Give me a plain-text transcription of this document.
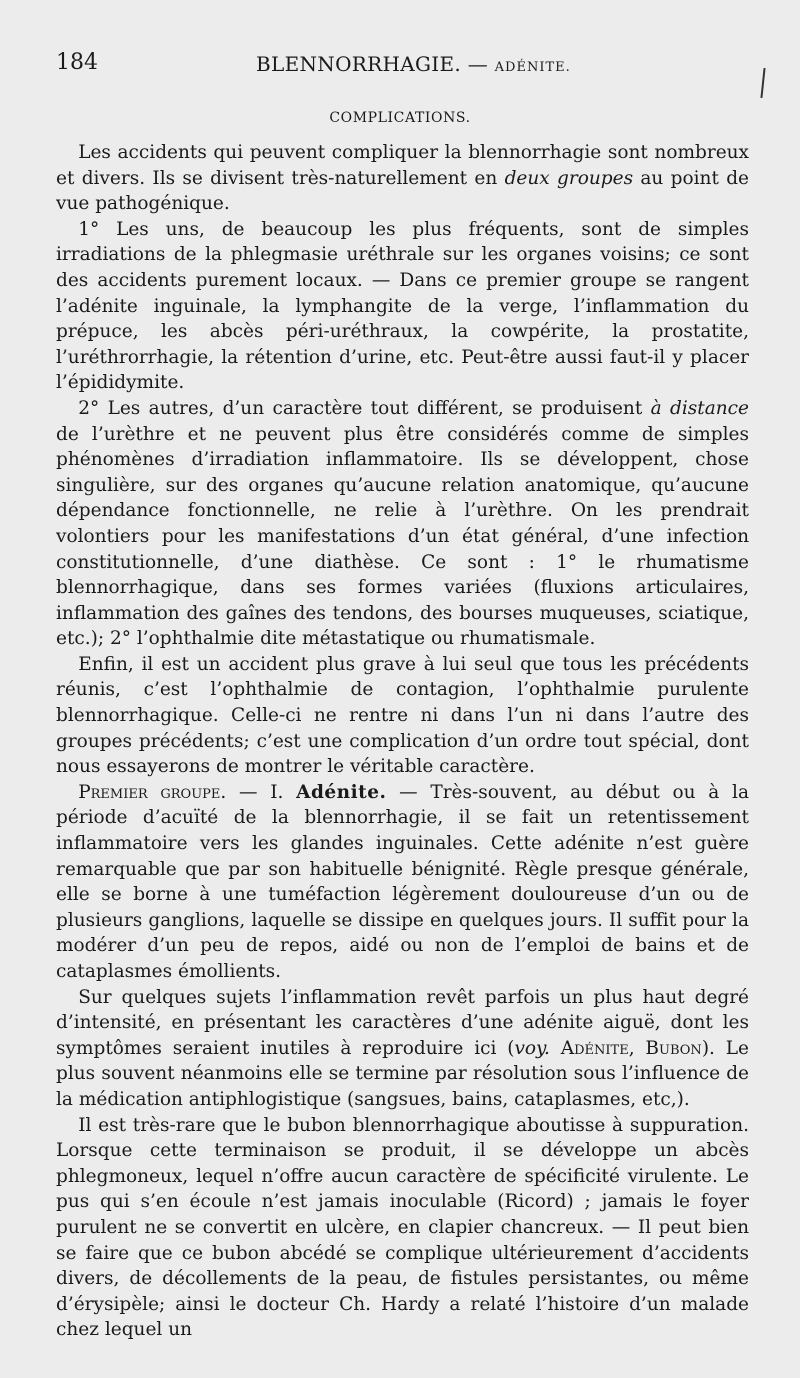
184	BLENNORRHAGIE. — ADÉNITE.
COMPLICATIONS.

Les accidents qui peuvent compliquer la blennorrhagie sont nombreux et divers. Ils se divisent très-naturellement en deux groupes au point de vue pathogénique.

1° Les uns, de beaucoup les plus fréquents, sont de simples irradiations de la phlegmasie uréthrale sur les organes voisins; ce sont des accidents purement locaux. — Dans ce premier groupe se rangent l’adénite inguinale, la lymphangite de la verge, l’inflammation du prépuce, les abcès péri-uréthraux, la cowpérite, la prostatite, l’uréthrorrhagie, la rétention d’urine, etc. Peut-être aussi faut-il y placer l’épididymite.

2° Les autres, d’un caractère tout différent, se produisent à distance de l’urèthre et ne peuvent plus être considérés comme de simples phénomènes d’irradiation inflammatoire. Ils se développent, chose singulière, sur des organes qu’aucune relation anatomique, qu’aucune dépendance fonctionnelle, ne relie à l’urèthre. On les prendrait volontiers pour les manifestations d’un état général, d’une infection constitutionnelle, d’une diathèse. Ce sont : 1° le rhumatisme blennorrhagique, dans ses formes variées (fluxions articulaires, inflammation des gaînes des tendons, des bourses muqueuses, sciatique, etc.); 2° l’ophthalmie dite métastatique ou rhumatismale.

Enfin, il est un accident plus grave à lui seul que tous les précédents réunis, c’est l’ophthalmie de contagion, l’ophthalmie purulente blennorrhagique. Celle-ci ne rentre ni dans l’un ni dans l’autre des groupes précédents; c’est une complication d’un ordre tout spécial, dont nous essayerons de montrer le véritable caractère.

Premier groupe. — I. Adénite. — Très-souvent, au début ou à la période d’acuïté de la blennorrhagie, il se fait un retentissement inflammatoire vers les glandes inguinales. Cette adénite n’est guère remarquable que par son habituelle bénignité. Règle presque générale, elle se borne à une tuméfaction légèrement douloureuse d’un ou de plusieurs ganglions, laquelle se dissipe en quelques jours. Il suffit pour la modérer d’un peu de repos, aidé ou non de l’emploi de bains et de cataplasmes émollients.

Sur quelques sujets l’inflammation revêt parfois un plus haut degré d’intensité, en présentant les caractères d’une adénite aiguë, dont les symptômes seraient inutiles à reproduire ici (voy. Adénite, Bubon). Le plus souvent néanmoins elle se termine par résolution sous l’influence de la médication antiphlogistique (sangsues, bains, cataplasmes, etc,).

Il est très-rare que le bubon blennorrhagique aboutisse à suppuration. Lorsque cette terminaison se produit, il se développe un abcès phlegmoneux, lequel n’offre aucun caractère de spécificité virulente. Le pus qui s’en écoule n’est jamais inoculable (Ricord) ; jamais le foyer purulent ne se convertit en ulcère, en clapier chancreux. — Il peut bien se faire que ce bubon abcédé se complique ultérieurement d’accidents divers, de décollements de la peau, de fistules persistantes, ou même d’érysipèle; ainsi le docteur Ch. Hardy a relaté l’histoire d’un malade chez lequel un
